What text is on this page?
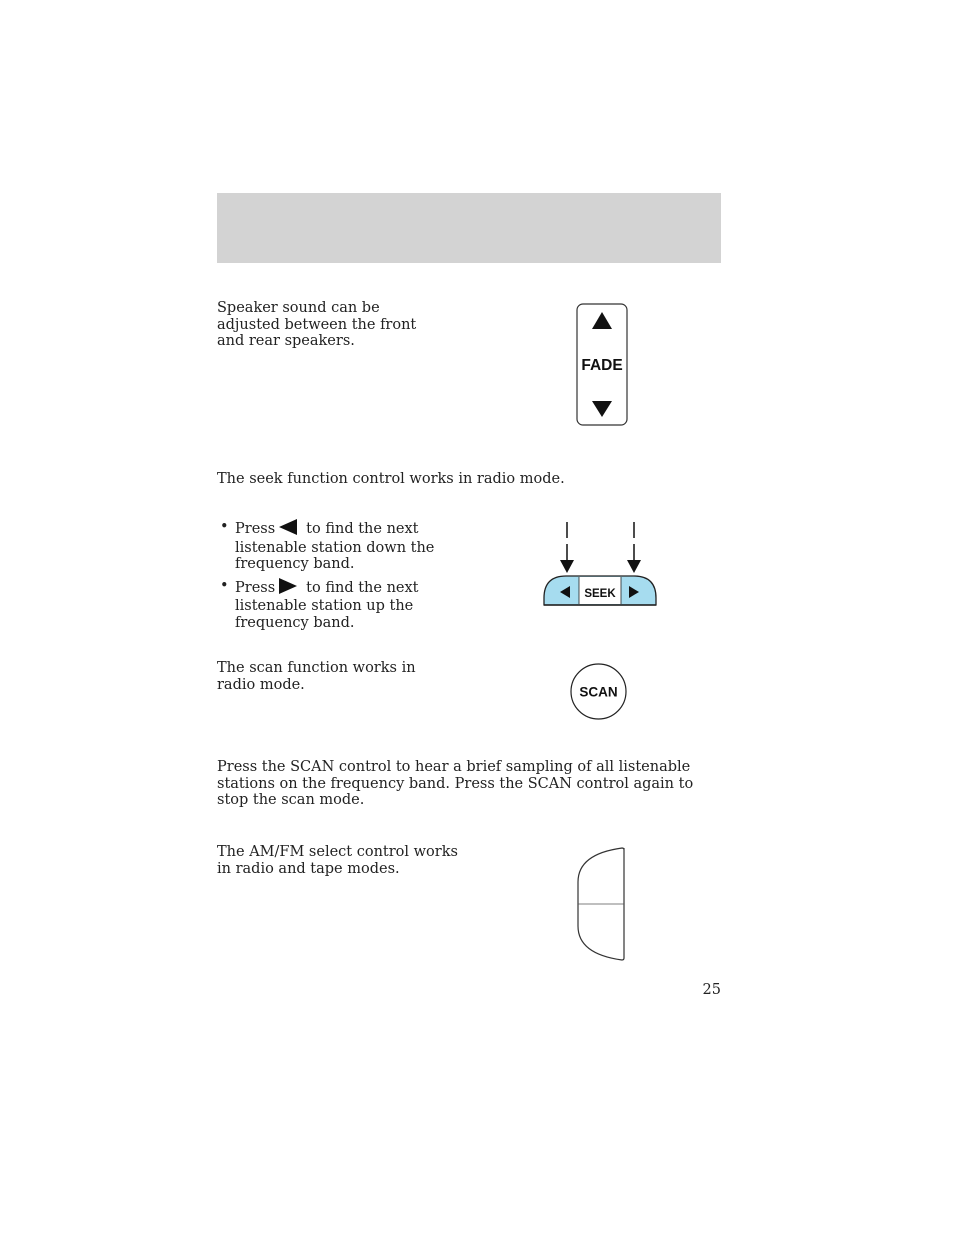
Speaker sound can be adjusted between the front and rear speakers.

FADE

The seek function control works in radio mode.

• Press to find the next listenable station down the frequency band.
• Press to find the next listenable station up the frequency band.
SEEK

The scan function works in radio mode.	SCAN

Press the SCAN control to hear a brief sampling of all listenable stations on the frequency band. Press the SCAN control again to stop the scan mode.

The AM/FM select control works in radio and tape modes.

25
